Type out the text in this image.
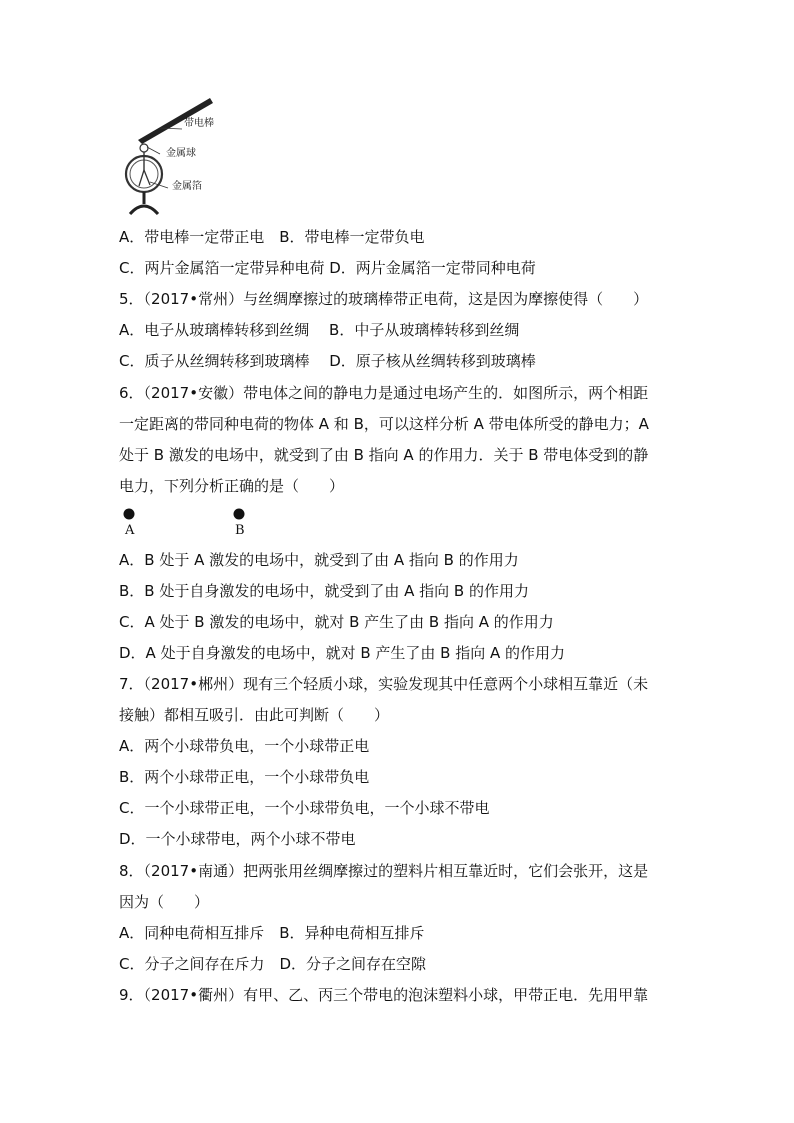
带电棒
金属球
金属箔
A．带电棒一定带正电　B．带电棒一定带负电
C．两片金属箔一定带异种电荷 D．两片金属箔一定带同种电荷
5．（2017•常州）与丝绸摩擦过的玻璃棒带正电荷，这是因为摩擦使得（　　）
A．电子从玻璃棒转移到丝绸　 B．中子从玻璃棒转移到丝绸
C．质子从丝绸转移到玻璃棒　 D．原子核从丝绸转移到玻璃棒
6．（2017•安徽）带电体之间的静电力是通过电场产生的．如图所示，两个相距
一定距离的带同种电荷的物体 A 和 B，可以这样分析 A 带电体所受的静电力；A
处于 B 激发的电场中，就受到了由 B 指向 A 的作用力．关于 B 带电体受到的静
电力，下列分析正确的是（　　）
A	B
A．B 处于 A 激发的电场中，就受到了由 A 指向 B 的作用力
B．B 处于自身激发的电场中，就受到了由 A 指向 B 的作用力
C．A 处于 B 激发的电场中，就对 B 产生了由 B 指向 A 的作用力
D．A 处于自身激发的电场中，就对 B 产生了由 B 指向 A 的作用力
7．（2017•郴州）现有三个轻质小球，实验发现其中任意两个小球相互靠近（未
接触）都相互吸引．由此可判断（　　）
A．两个小球带负电，一个小球带正电
B．两个小球带正电，一个小球带负电
C．一个小球带正电，一个小球带负电，一个小球不带电
D．一个小球带电，两个小球不带电
8．（2017•南通）把两张用丝绸摩擦过的塑料片相互靠近时，它们会张开，这是
因为（　　）
A．同种电荷相互排斥　B．异种电荷相互排斥
C．分子之间存在斥力　D．分子之间存在空隙
9．（2017•衢州）有甲、乙、丙三个带电的泡沫塑料小球，甲带正电．先用甲靠
